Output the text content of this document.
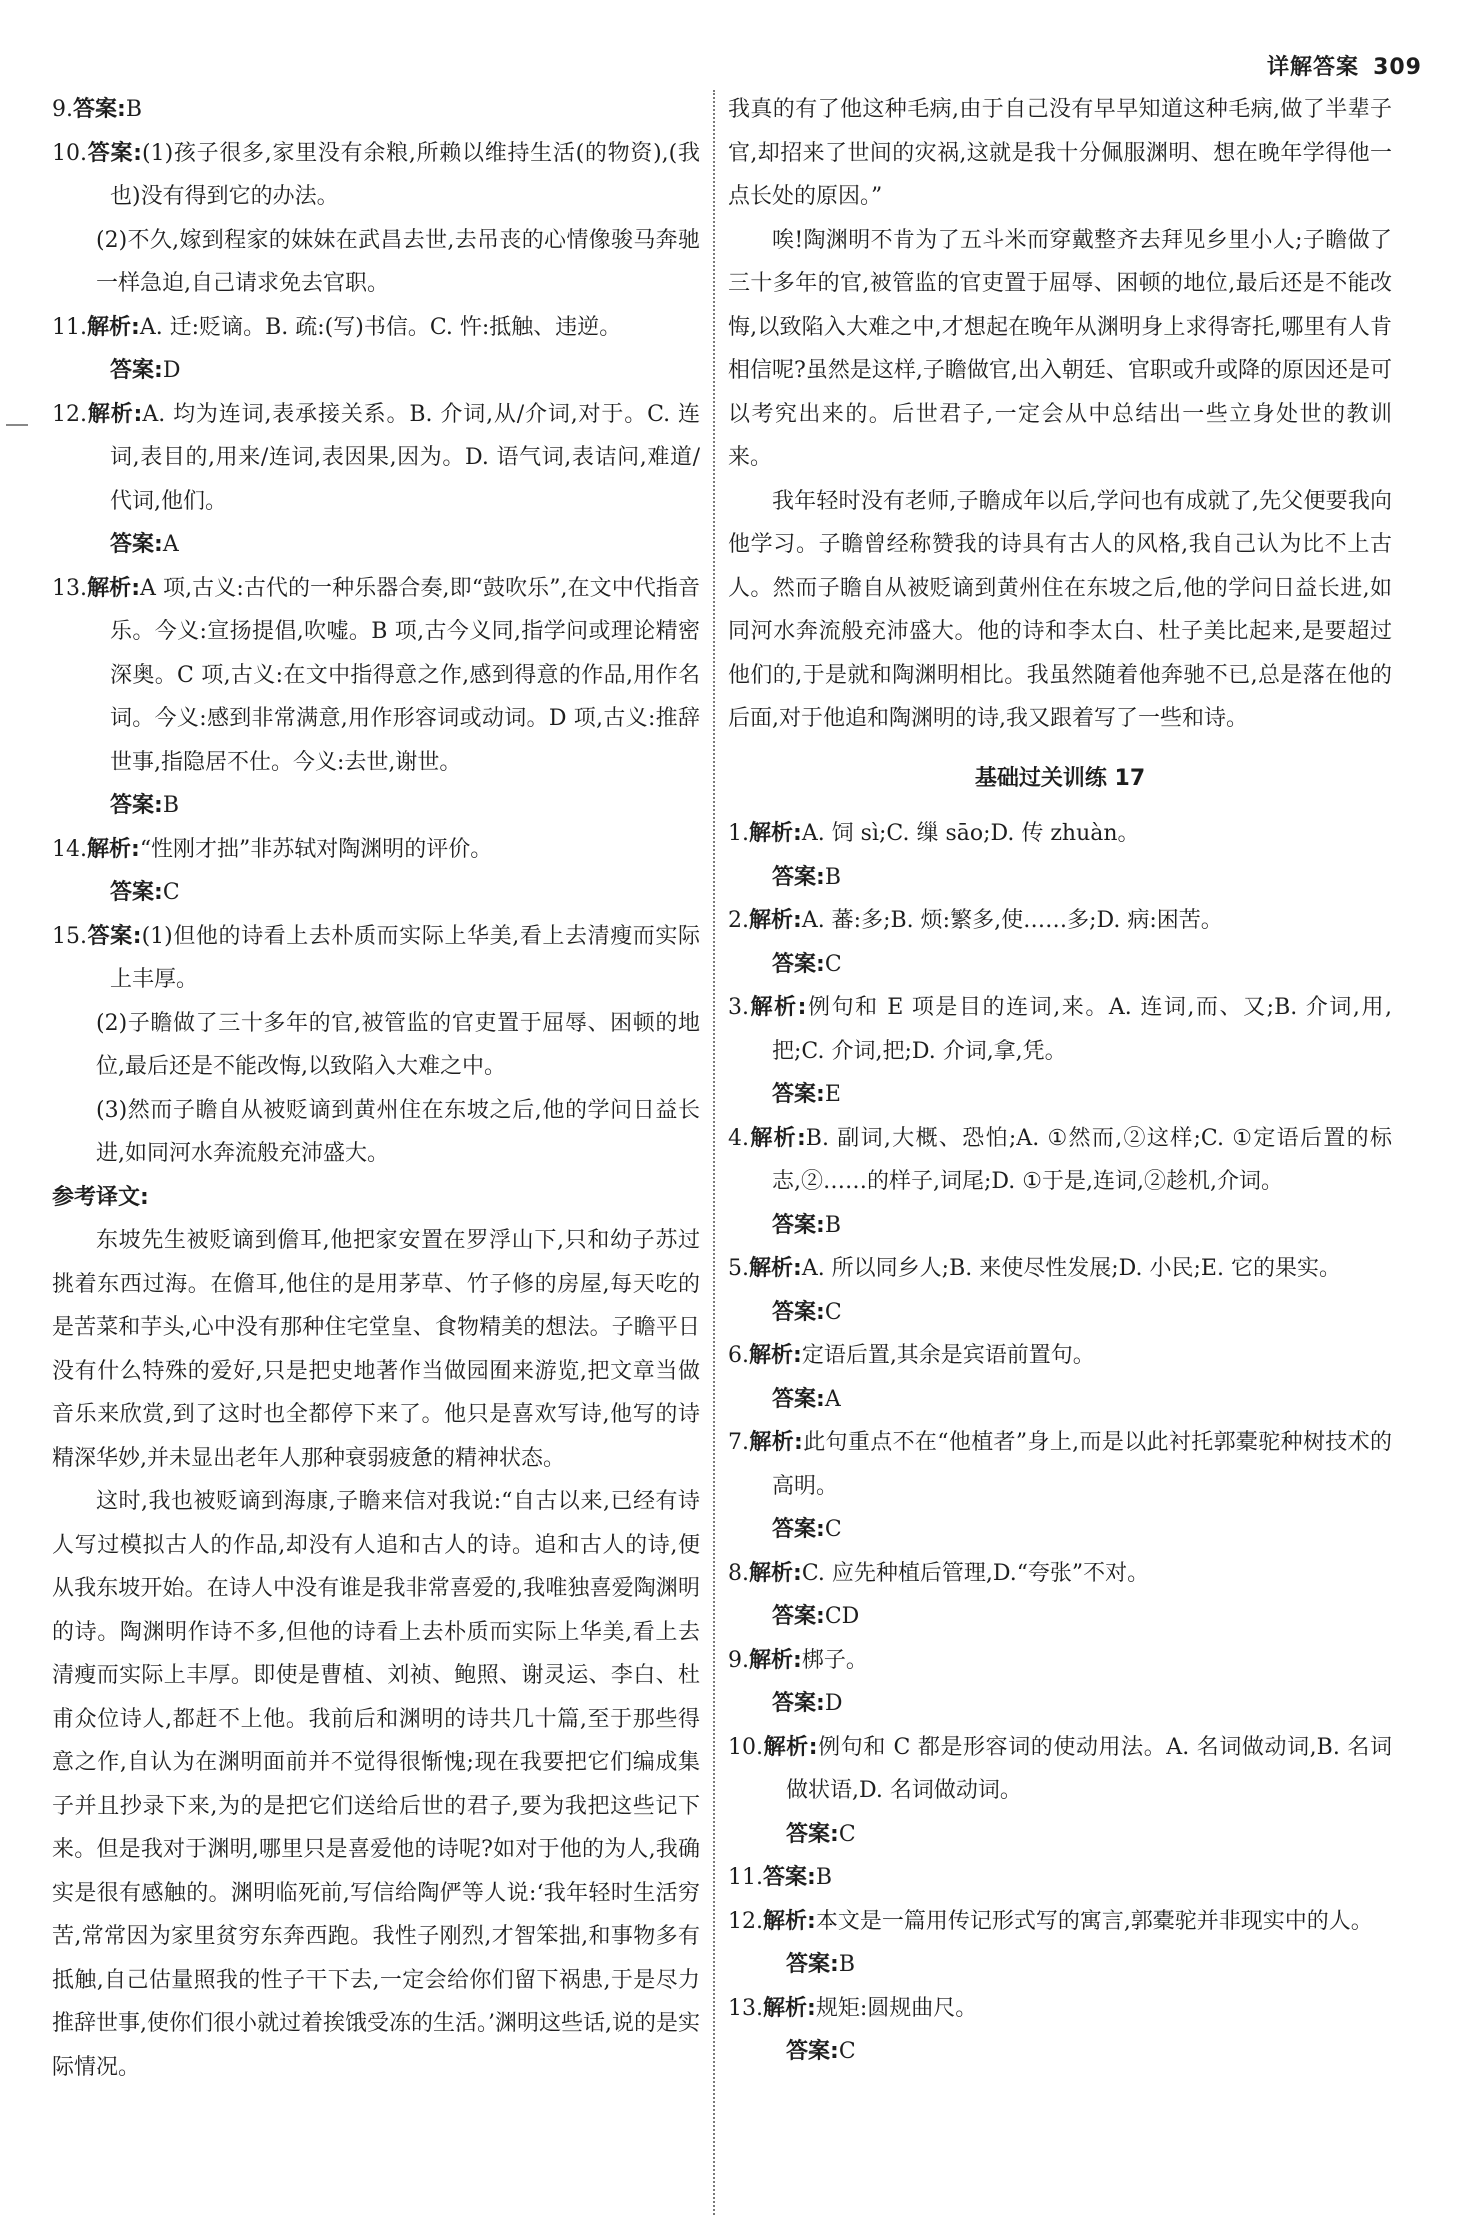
详解答案 309

9.答案:B

10.答案:(1)孩子很多,家里没有余粮,所赖以维持生活(的物资),(我也)没有得到它的办法。

(2)不久,嫁到程家的妹妹在武昌去世,去吊丧的心情像骏马奔驰一样急迫,自己请求免去官职。

11.解析:A. 迁:贬谪。B. 疏:(写)书信。C. 忤:抵触、违逆。

答案:D

12.解析:A. 均为连词,表承接关系。B. 介词,从/介词,对于。C. 连词,表目的,用来/连词,表因果,因为。D. 语气词,表诘问,难道/代词,他们。

答案:A

13.解析:A 项,古义:古代的一种乐器合奏,即“鼓吹乐”,在文中代指音乐。今义:宣扬提倡,吹嘘。B 项,古今义同,指学问或理论精密深奥。C 项,古义:在文中指得意之作,感到得意的作品,用作名词。今义:感到非常满意,用作形容词或动词。D 项,古义:推辞世事,指隐居不仕。今义:去世,谢世。

答案:B

14.解析:“性刚才拙”非苏轼对陶渊明的评价。

答案:C

15.答案:(1)但他的诗看上去朴质而实际上华美,看上去清瘦而实际上丰厚。

(2)子瞻做了三十多年的官,被管监的官吏置于屈辱、困顿的地位,最后还是不能改悔,以致陷入大难之中。

(3)然而子瞻自从被贬谪到黄州住在东坡之后,他的学问日益长进,如同河水奔流般充沛盛大。

参考译文:

东坡先生被贬谪到儋耳,他把家安置在罗浮山下,只和幼子苏过挑着东西过海。在儋耳,他住的是用茅草、竹子修的房屋,每天吃的是苦菜和芋头,心中没有那种住宅堂皇、食物精美的想法。子瞻平日没有什么特殊的爱好,只是把史地著作当做园囿来游览,把文章当做音乐来欣赏,到了这时也全都停下来了。他只是喜欢写诗,他写的诗精深华妙,并未显出老年人那种衰弱疲惫的精神状态。

这时,我也被贬谪到海康,子瞻来信对我说:“自古以来,已经有诗人写过模拟古人的作品,却没有人追和古人的诗。追和古人的诗,便从我东坡开始。在诗人中没有谁是我非常喜爱的,我唯独喜爱陶渊明的诗。陶渊明作诗不多,但他的诗看上去朴质而实际上华美,看上去清瘦而实际上丰厚。即使是曹植、刘祯、鲍照、谢灵运、李白、杜甫众位诗人,都赶不上他。我前后和渊明的诗共几十篇,至于那些得意之作,自认为在渊明面前并不觉得很惭愧;现在我要把它们编成集子并且抄录下来,为的是把它们送给后世的君子,要为我把这些记下来。但是我对于渊明,哪里只是喜爱他的诗呢?如对于他的为人,我确实是很有感触的。渊明临死前,写信给陶俨等人说:‘我年轻时生活穷苦,常常因为家里贫穷东奔西跑。我性子刚烈,才智笨拙,和事物多有抵触,自己估量照我的性子干下去,一定会给你们留下祸患,于是尽力推辞世事,使你们很小就过着挨饿受冻的生活。’渊明这些话,说的是实际情况。

我真的有了他这种毛病,由于自己没有早早知道这种毛病,做了半辈子官,却招来了世间的灾祸,这就是我十分佩服渊明、想在晚年学得他一点长处的原因。”

唉!陶渊明不肯为了五斗米而穿戴整齐去拜见乡里小人;子瞻做了三十多年的官,被管监的官吏置于屈辱、困顿的地位,最后还是不能改悔,以致陷入大难之中,才想起在晚年从渊明身上求得寄托,哪里有人肯相信呢?虽然是这样,子瞻做官,出入朝廷、官职或升或降的原因还是可以考究出来的。后世君子,一定会从中总结出一些立身处世的教训来。

我年轻时没有老师,子瞻成年以后,学问也有成就了,先父便要我向他学习。子瞻曾经称赞我的诗具有古人的风格,我自己认为比不上古人。然而子瞻自从被贬谪到黄州住在东坡之后,他的学问日益长进,如同河水奔流般充沛盛大。他的诗和李太白、杜子美比起来,是要超过他们的,于是就和陶渊明相比。我虽然随着他奔驰不已,总是落在他的后面,对于他追和陶渊明的诗,我又跟着写了一些和诗。

基础过关训练 17

1.解析:A. 饲 sì;C. 缫 sāo;D. 传 zhuàn。

答案:B

2.解析:A. 蕃:多;B. 烦:繁多,使……多;D. 病:困苦。

答案:C

3.解析:例句和 E 项是目的连词,来。A. 连词,而、又;B. 介词,用,把;C. 介词,把;D. 介词,拿,凭。

答案:E

4.解析:B. 副词,大概、恐怕;A. ①然而,②这样;C. ①定语后置的标志,②……的样子,词尾;D. ①于是,连词,②趁机,介词。

答案:B

5.解析:A. 所以同乡人;B. 来使尽性发展;D. 小民;E. 它的果实。

答案:C

6.解析:定语后置,其余是宾语前置句。

答案:A

7.解析:此句重点不在“他植者”身上,而是以此衬托郭橐驼种树技术的高明。

答案:C

8.解析:C. 应先种植后管理,D.“夸张”不对。

答案:CD

9.解析:梆子。

答案:D

10.解析:例句和 C 都是形容词的使动用法。A. 名词做动词,B. 名词做状语,D. 名词做动词。

答案:C

11.答案:B

12.解析:本文是一篇用传记形式写的寓言,郭橐驼并非现实中的人。

答案:B

13.解析:规矩:圆规曲尺。

答案:C
